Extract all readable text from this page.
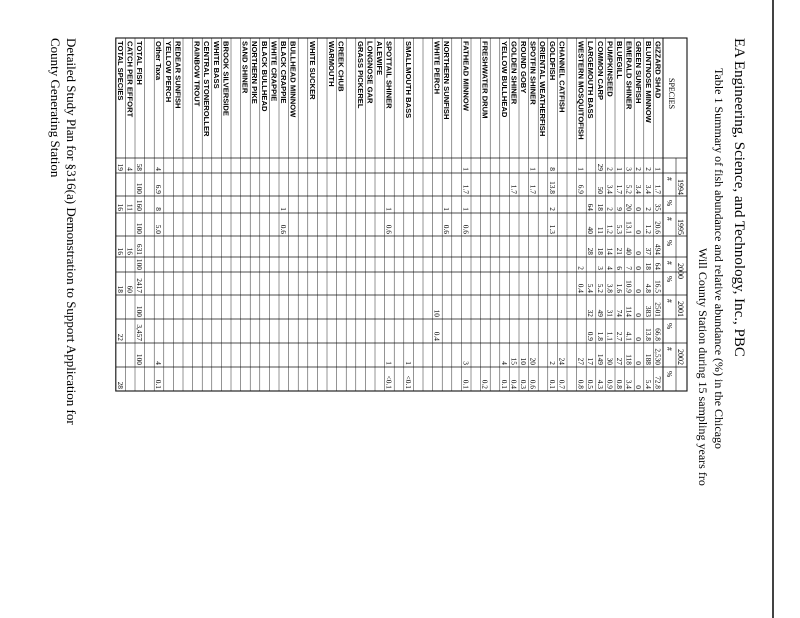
EA Engineering, Science, and Technology, Inc., PBC
Table 1 Summary of fish abundance and relative abundance (%) in the Chicago
Will County Station during 15 sampling years fro
SPECIES
1994
1995
2000
2001
2002
#
%
#
%
#
%
#
%
#
%
GIZZARD SHAD
1
1.7
35
20.6
494
64
16.5
2501
66.8
2,530
72.8
BLUNTNOSE MINNOW
2
3.4
2
1.2
37
18
4.8
383
13.8
188
5.4
GREEN SUNFISH
2
3.4
0
0
0
0
0
0
0
0
0
EMERALD SHINER
3
5.2
20
13.1
40
7
10.9
114
4.1
118
3.4
BLUEGILL
1
1.7
9
5.3
21
6
1.6
74
2.7
27
0.8
PUMPKINSEED
2
3.4
2
1.2
14
4
3.8
31
1.1
30
0.9
COMMON CARP
29
50
18
11
18
3
5.2
49
1.8
149
4.3
LARGEMOUTH BASS
64
40
28
5.4
32
0.9
17
0.5
WESTERN MOSQUITOFISH
1
6.9
2
0.4
27
0.8
CHANNEL CATFISH
24
0.7
GOLDFISH
8
13.8
2
1.3
2
0.1
ORIENTAL WEATHERFISH
SPOTFIN SHINER
1
1.7
20
0.6
ROUND GOBY
10
0.3
GOLDEN SHINER
1.7
15
0.4
YELLOW BULLHEAD
4
0.1
FRESHWATER DRUM
0.2
FATHEAD MINNOW
1
1.7
1
0.6
3
0.1
NORTHERN SUNFISH
1
0.6
WHITE PERCH
10
0.4
SMALLMOUTH BASS
1
<0.1
SPOTTAIL SHINER
1
0.6
1
<0.1
ALEWIFE
LONGNOSE GAR
GRASS PICKEREL
CREEK CHUB
WARMOUTH
WHITE SUCKER
BULLHEAD MINNOW
BLACK CRAPPIE
1
0.6
WHITE CRAPPIE
BLACK BULLHEAD
NORTHERN PIKE
SAND SHINER
BROOK SILVERSIDE
WHITE BASS
CENTRAL STONEROLLER
RAINBOW TROUT
REDEAR SUNFISH
YELLOW PERCH
Other Taxa
4
6.9
8
5.0
4
0.1
TOTAL FISH
58
100
160
100
631
100
2417
100
3,457
100
CATCH PER EFFORT
4
11
16
60
TOTAL SPECIES
19
16
16
18
22
28
Detailed Study Plan for §316(a) Demonstration to Support Application for
County Generating Station
